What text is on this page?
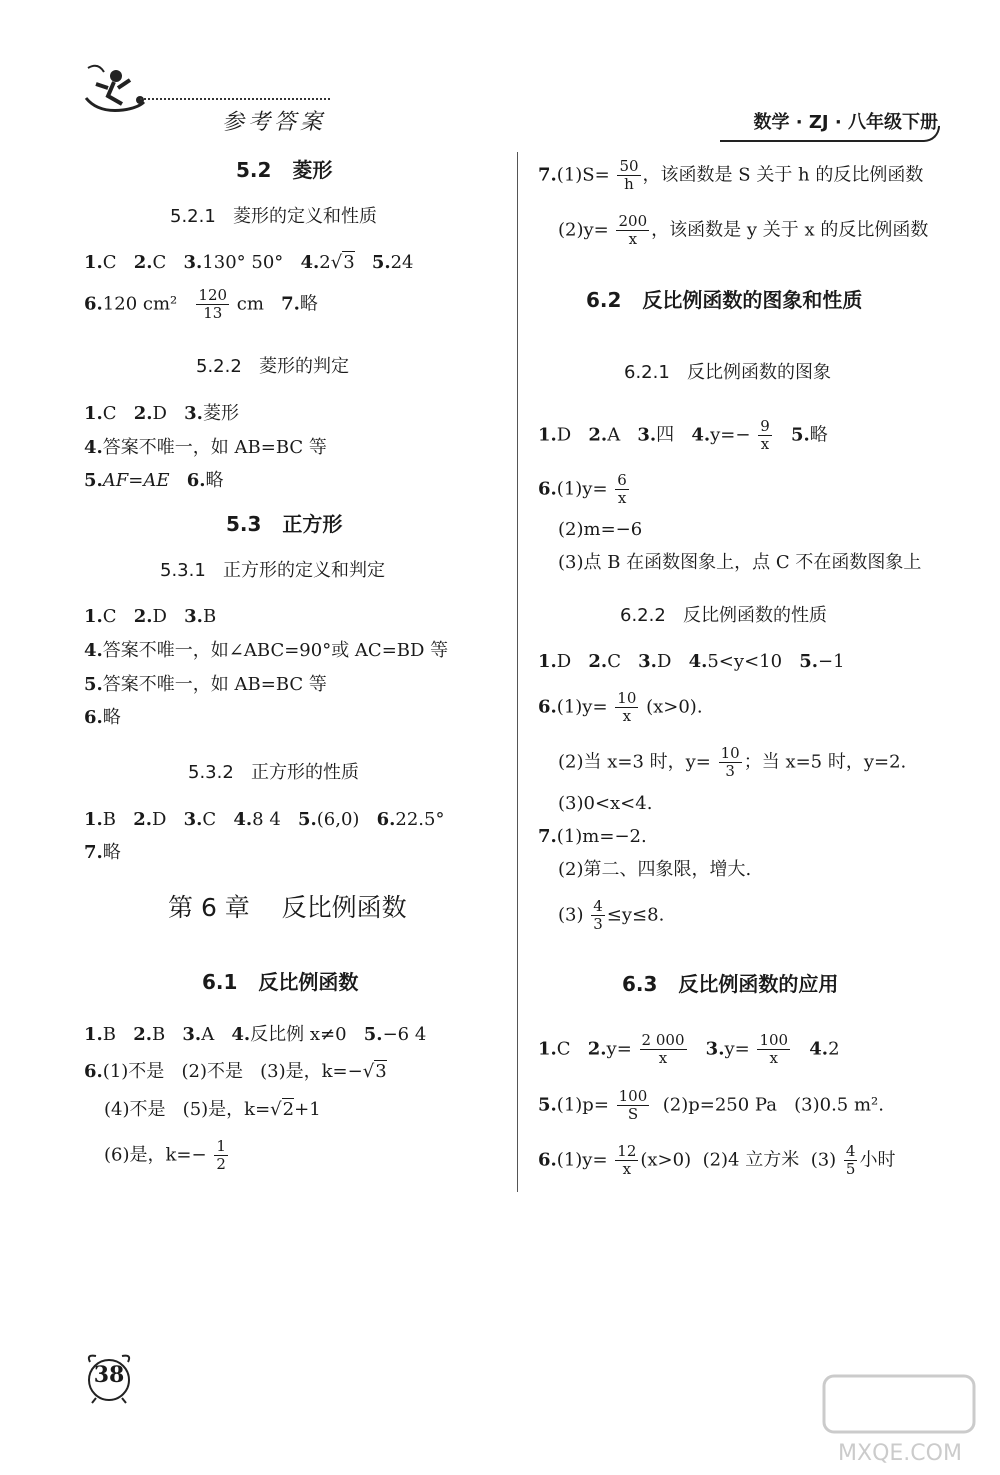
参考答案	数学 · ZJ · 八年级下册
5.2 菱形
5.2.1 菱形的定义和性质
1.C 2.C 3.130° 50° 4.2√3 5.24
6.120 $cm^2 \frac{120}{13}$ cm 7.略
5.2.2 菱形的判定
1.C 2.D 3.菱形
4.答案不唯一，如 AB=BC 等
5.AF=AE 6.略
5.3 正方形
5.3.1 正方形的定义和判定
1.C 2.D 3.B
4.答案不唯一，如∠ABC=90°或 AC=BD 等
5.答案不唯一，如 AB=BC 等
6.略
5.3.2 正方形的性质
1.B 2.D 3.C 4.8 4 5.(6,0) 6.22.5°
7.略
第 6 章 反比例函数
6.1 反比例函数
1.B 2.B 3.A 4.反比例 x≠0 5.−6 4
6.(1)不是 (2)不是 (3)是，k=−√3
(4)不是 (5)是，k=√2+1
(6)是，$k=- \frac{1}{2}$
$7.(1)S= \frac{50}{h}$ ，该函数是 S 关于 h 的反比例函数
$(2)y= \frac{200}{x}$ ，该函数是 y 关于 x 的反比例函数
6.2 反比例函数的图象和性质
6.2.1 反比例函数的图象
1.D 2.A 3.四 $4.y=- \frac{9}{x} 5$.略
$6.(1)y= \frac{6}{x}$
(2)m=−6
(3)点 B 在函数图象上，点 C 不在函数图象上
6.2.2 反比例函数的性质
1.D 2.C 3.D 4.5<y<10 5.−1
$6.(1)y= \frac{10}{x} (x>0)$.
(2)当 x=3 时，$y= \frac{10}{3}$ ；当 x=5 时，y=2.
(3)0<x<4.
7.(1)m=−2.
(2)第二、四象限，增大.
$(3) \frac{4}{3} \le y\le 8$.
6.3 反比例函数的应用
1.C $2.y= \frac{2 000}{x} 3.y= \frac{100}{x} 4.2$
$5.(1)p= \frac{100}{S} (2)p=250$ Pa (3)0.5 m².
$6.(1)y= \frac{12}{x} (x>0)$ (2)4 立方米 $(3) \frac{4}{5}$ 小时
38
MXQE.COM
